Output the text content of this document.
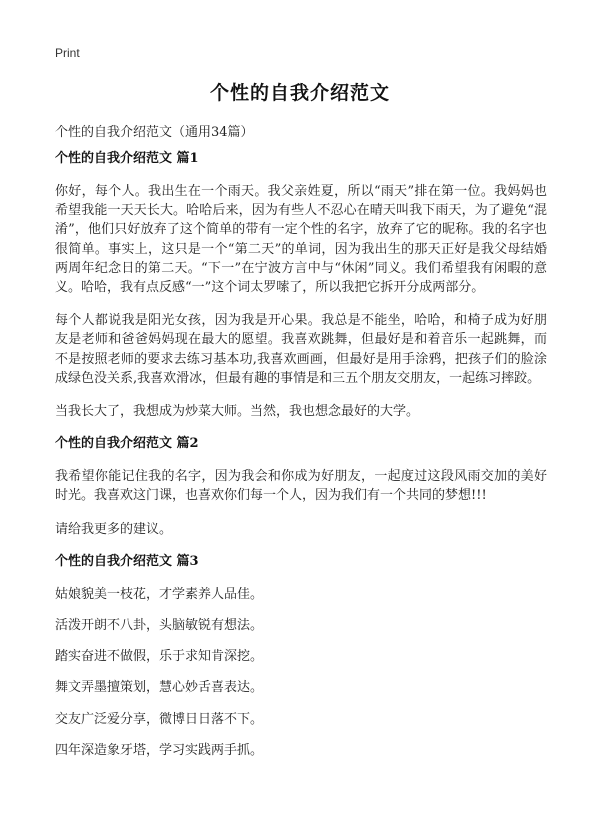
Print
个性的自我介绍范文
个性的自我介绍范文（通用34篇）
个性的自我介绍范文 篇1

你好，每个人。我出生在一个雨天。我父亲姓夏，所以“雨天”排在第一位。我妈妈也希望我能一天天长大。哈哈后来，因为有些人不忍心在晴天叫我下雨天，为了避免“混淆”，他们只好放弃了这个简单的带有一定个性的名字，放弃了它的昵称。我的名字也很简单。事实上，这只是一个“第二天”的单词，因为我出生的那天正好是我父母结婚两周年纪念日的第二天。“下一”在宁波方言中与“休闲”同义。我们希望我有闲暇的意义。哈哈，我有点反感“一”这个词太罗嗦了，所以我把它拆开分成两部分。

每个人都说我是阳光女孩，因为我是开心果。我总是不能坐，哈哈，和椅子成为好朋友是老师和爸爸妈妈现在最大的愿望。我喜欢跳舞，但最好是和着音乐一起跳舞，而不是按照老师的要求去练习基本功,我喜欢画画，但最好是用手涂鸦，把孩子们的脸涂成绿色没关系,我喜欢滑冰，但最有趣的事情是和三五个朋友交朋友，一起练习摔跤。

当我长大了，我想成为炒菜大师。当然，我也想念最好的大学。

个性的自我介绍范文 篇2

我希望你能记住我的名字，因为我会和你成为好朋友，一起度过这段风雨交加的美好时光。我喜欢这门课，也喜欢你们每一个人，因为我们有一个共同的梦想!!!

请给我更多的建议。

个性的自我介绍范文 篇3

姑娘貌美一枝花，才学素养人品佳。

活泼开朗不八卦，头脑敏锐有想法。

踏实奋进不做假，乐于求知肯深挖。

舞文弄墨擅策划，慧心妙舌喜表达。

交友广泛爱分享，微博日日落不下。

四年深造象牙塔，学习实践两手抓。
